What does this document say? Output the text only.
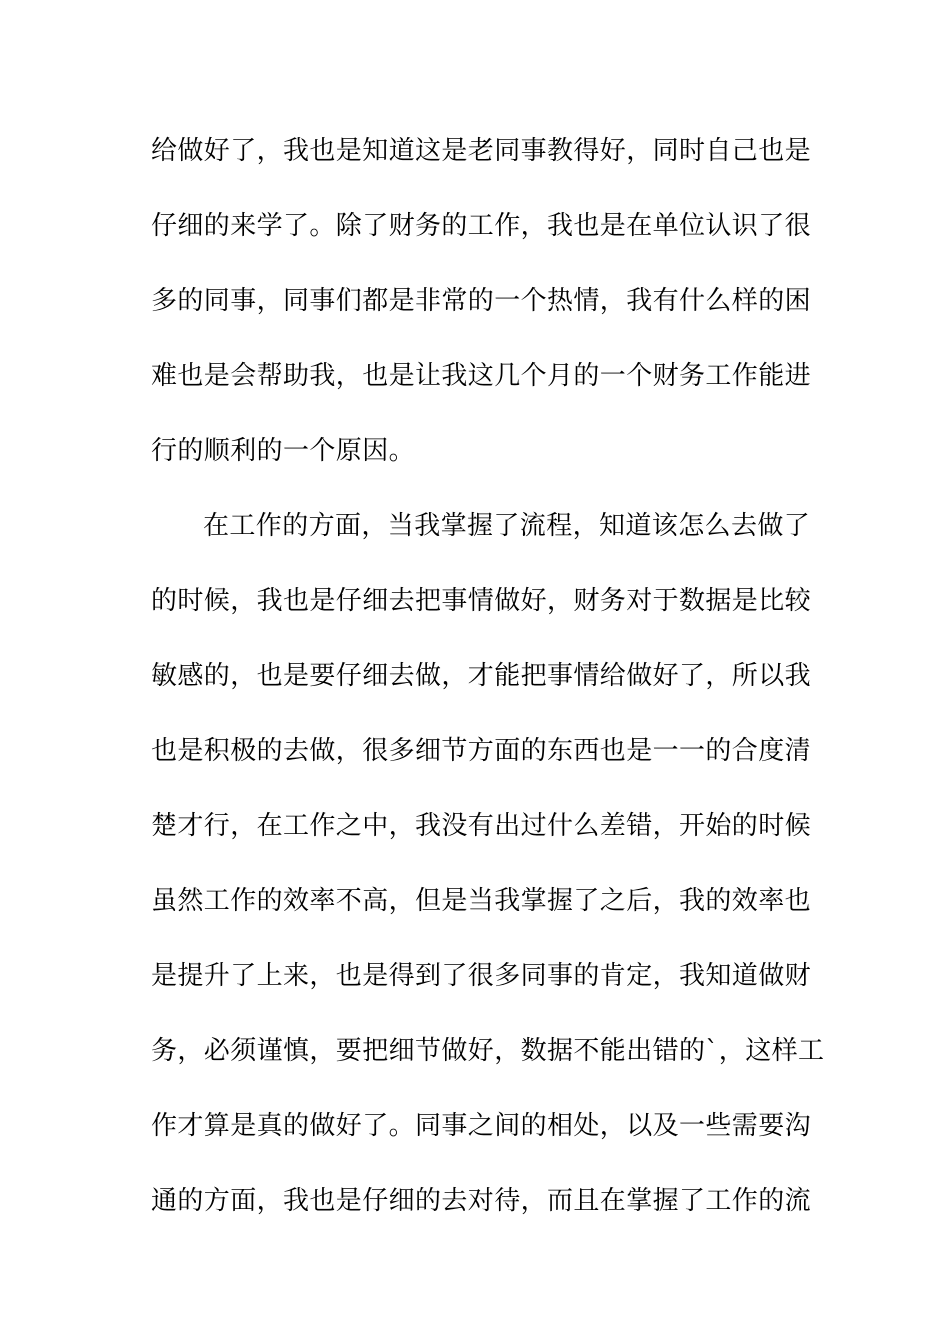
给做好了，我也是知道这是老同事教得好，同时自己也是
仔细的来学了。除了财务的工作，我也是在单位认识了很
多的同事，同事们都是非常的一个热情，我有什么样的困
难也是会帮助我，也是让我这几个月的一个财务工作能进
行的顺利的一个原因。
在工作的方面，当我掌握了流程，知道该怎么去做了
的时候，我也是仔细去把事情做好，财务对于数据是比较
敏感的，也是要仔细去做，才能把事情给做好了，所以我
也是积极的去做，很多细节方面的东西也是一一的合度清
楚才行，在工作之中，我没有出过什么差错，开始的时候
虽然工作的效率不高，但是当我掌握了之后，我的效率也
是提升了上来，也是得到了很多同事的肯定，我知道做财
务，必须谨慎，要把细节做好，数据不能出错的`，这样工
作才算是真的做好了。同事之间的相处，以及一些需要沟
通的方面，我也是仔细的去对待，而且在掌握了工作的流
